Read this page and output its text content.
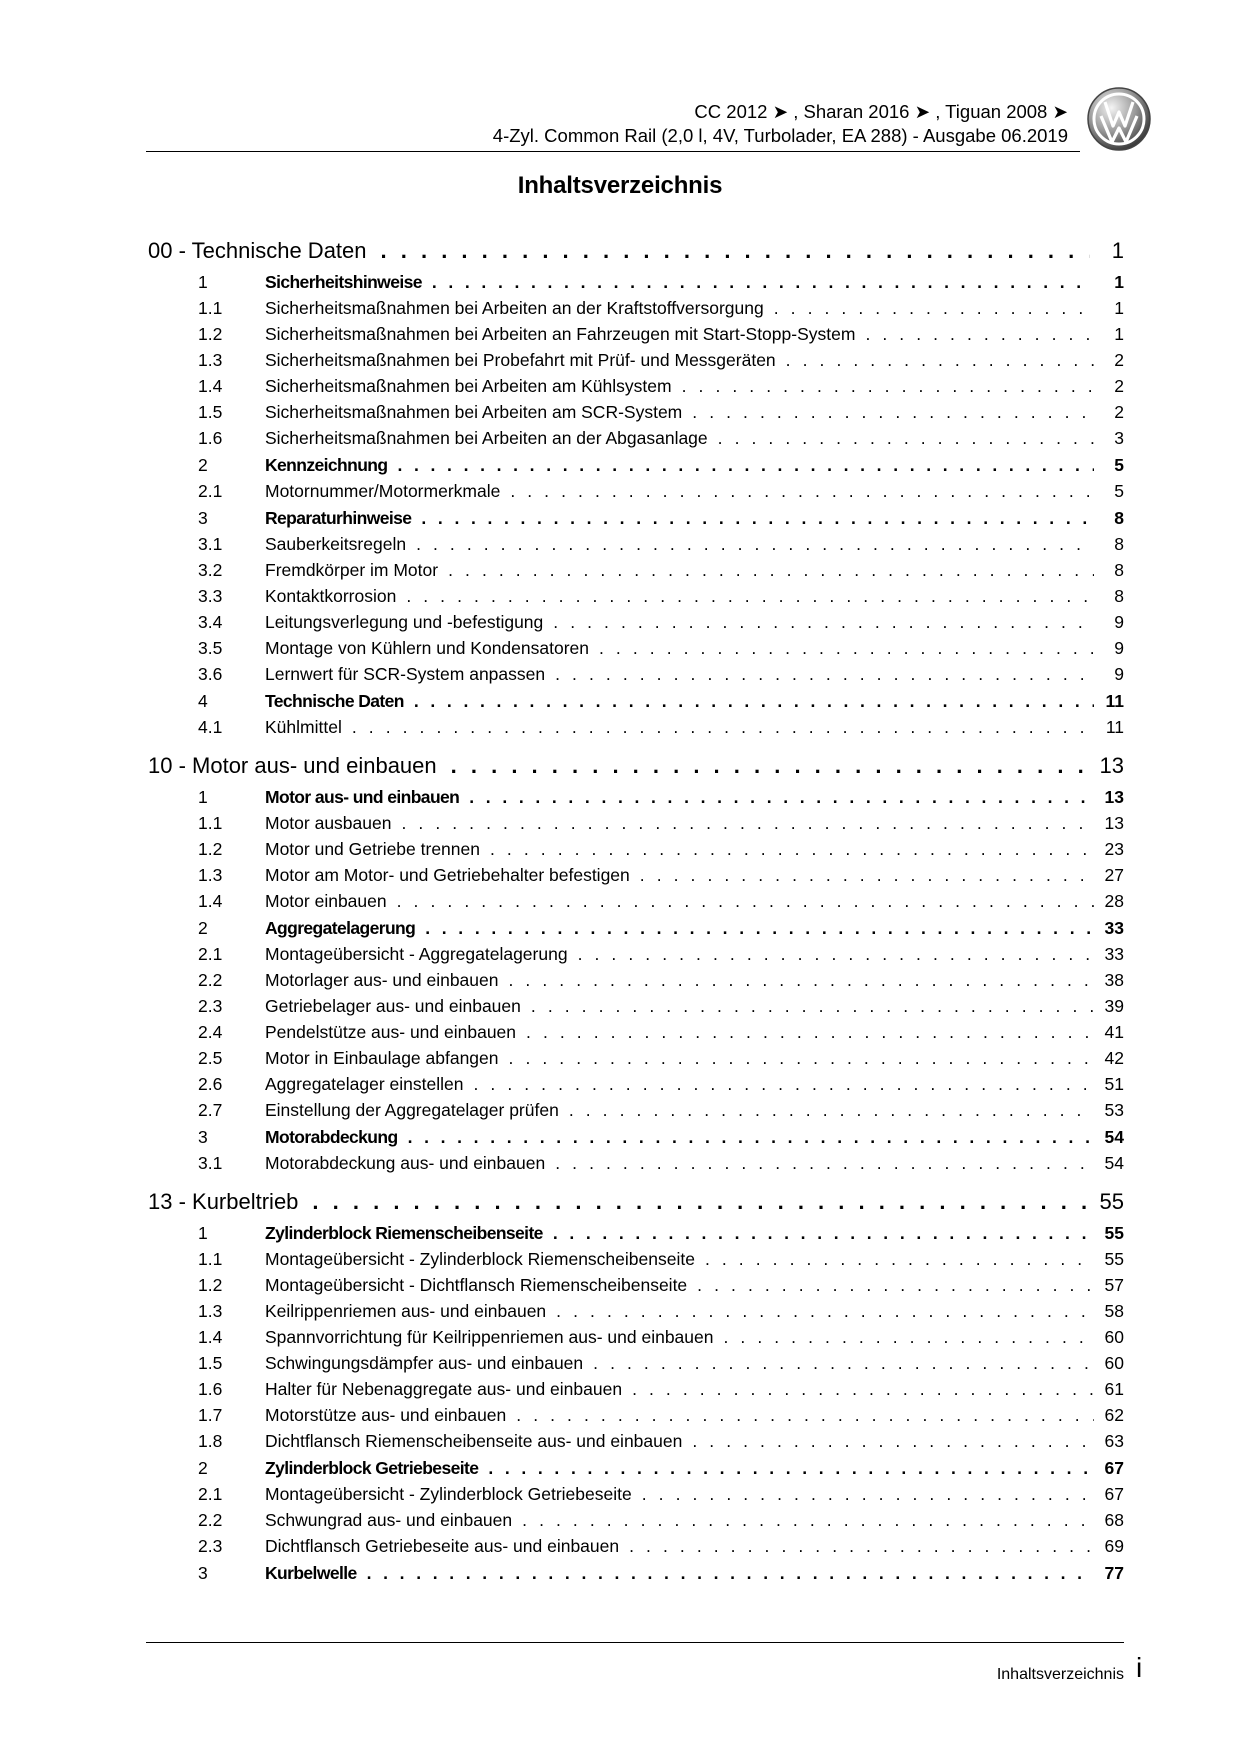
CC 2012 ➤ , Sharan 2016 ➤ , Tiguan 2008 ➤
4-Zyl. Common Rail (2,0 l, 4V, Turbolader, EA 288) - Ausgabe 06.2019
Inhaltsverzeichnis
00 - Technische Daten . . .	1
1	Sicherheitshinweise . . .	1
1.1	Sicherheitsmaßnahmen bei Arbeiten an der Kraftstoffversorgung . . .	1
1.2	Sicherheitsmaßnahmen bei Arbeiten an Fahrzeugen mit Start-Stopp-System . . .	1
1.3	Sicherheitsmaßnahmen bei Probefahrt mit Prüf- und Messgeräten . . .	2
1.4	Sicherheitsmaßnahmen bei Arbeiten am Kühlsystem . . .	2
1.5	Sicherheitsmaßnahmen bei Arbeiten am SCR-System . . .	2
1.6	Sicherheitsmaßnahmen bei Arbeiten an der Abgasanlage . . .	3
2	Kennzeichnung . . .	5
2.1	Motornummer/Motormerkmale . . .	5
3	Reparaturhinweise . . .	8
3.1	Sauberkeitsregeln . . .	8
3.2	Fremdkörper im Motor . . .	8
3.3	Kontaktkorrosion . . .	8
3.4	Leitungsverlegung und -befestigung . . .	9
3.5	Montage von Kühlern und Kondensatoren . . .	9
3.6	Lernwert für SCR-System anpassen . . .	9
4	Technische Daten . . .	11
4.1	Kühlmittel . . .	11
10 - Motor aus- und einbauen . . .	13
1	Motor aus- und einbauen . . .	13
1.1	Motor ausbauen . . .	13
1.2	Motor und Getriebe trennen . . .	23
1.3	Motor am Motor- und Getriebehalter befestigen . . .	27
1.4	Motor einbauen . . .	28
2	Aggregatelagerung . . .	33
2.1	Montageübersicht - Aggregatelagerung . . .	33
2.2	Motorlager aus- und einbauen . . .	38
2.3	Getriebelager aus- und einbauen . . .	39
2.4	Pendelstütze aus- und einbauen . . .	41
2.5	Motor in Einbaulage abfangen . . .	42
2.6	Aggregatelager einstellen . . .	51
2.7	Einstellung der Aggregatelager prüfen . . .	53
3	Motorabdeckung . . .	54
3.1	Motorabdeckung aus- und einbauen . . .	54
13 - Kurbeltrieb . . .	55
1	Zylinderblock Riemenscheibenseite . . .	55
1.1	Montageübersicht - Zylinderblock Riemenscheibenseite . . .	55
1.2	Montageübersicht - Dichtflansch Riemenscheibenseite . . .	57
1.3	Keilrippenriemen aus- und einbauen . . .	58
1.4	Spannvorrichtung für Keilrippenriemen aus- und einbauen . . .	60
1.5	Schwingungsdämpfer aus- und einbauen . . .	60
1.6	Halter für Nebenaggregate aus- und einbauen . . .	61
1.7	Motorstütze aus- und einbauen . . .	62
1.8	Dichtflansch Riemenscheibenseite aus- und einbauen . . .	63
2	Zylinderblock Getriebeseite . . .	67
2.1	Montageübersicht - Zylinderblock Getriebeseite . . .	67
2.2	Schwungrad aus- und einbauen . . .	68
2.3	Dichtflansch Getriebeseite aus- und einbauen . . .	69
3	Kurbelwelle . . .	77
Inhaltsverzeichnis i
